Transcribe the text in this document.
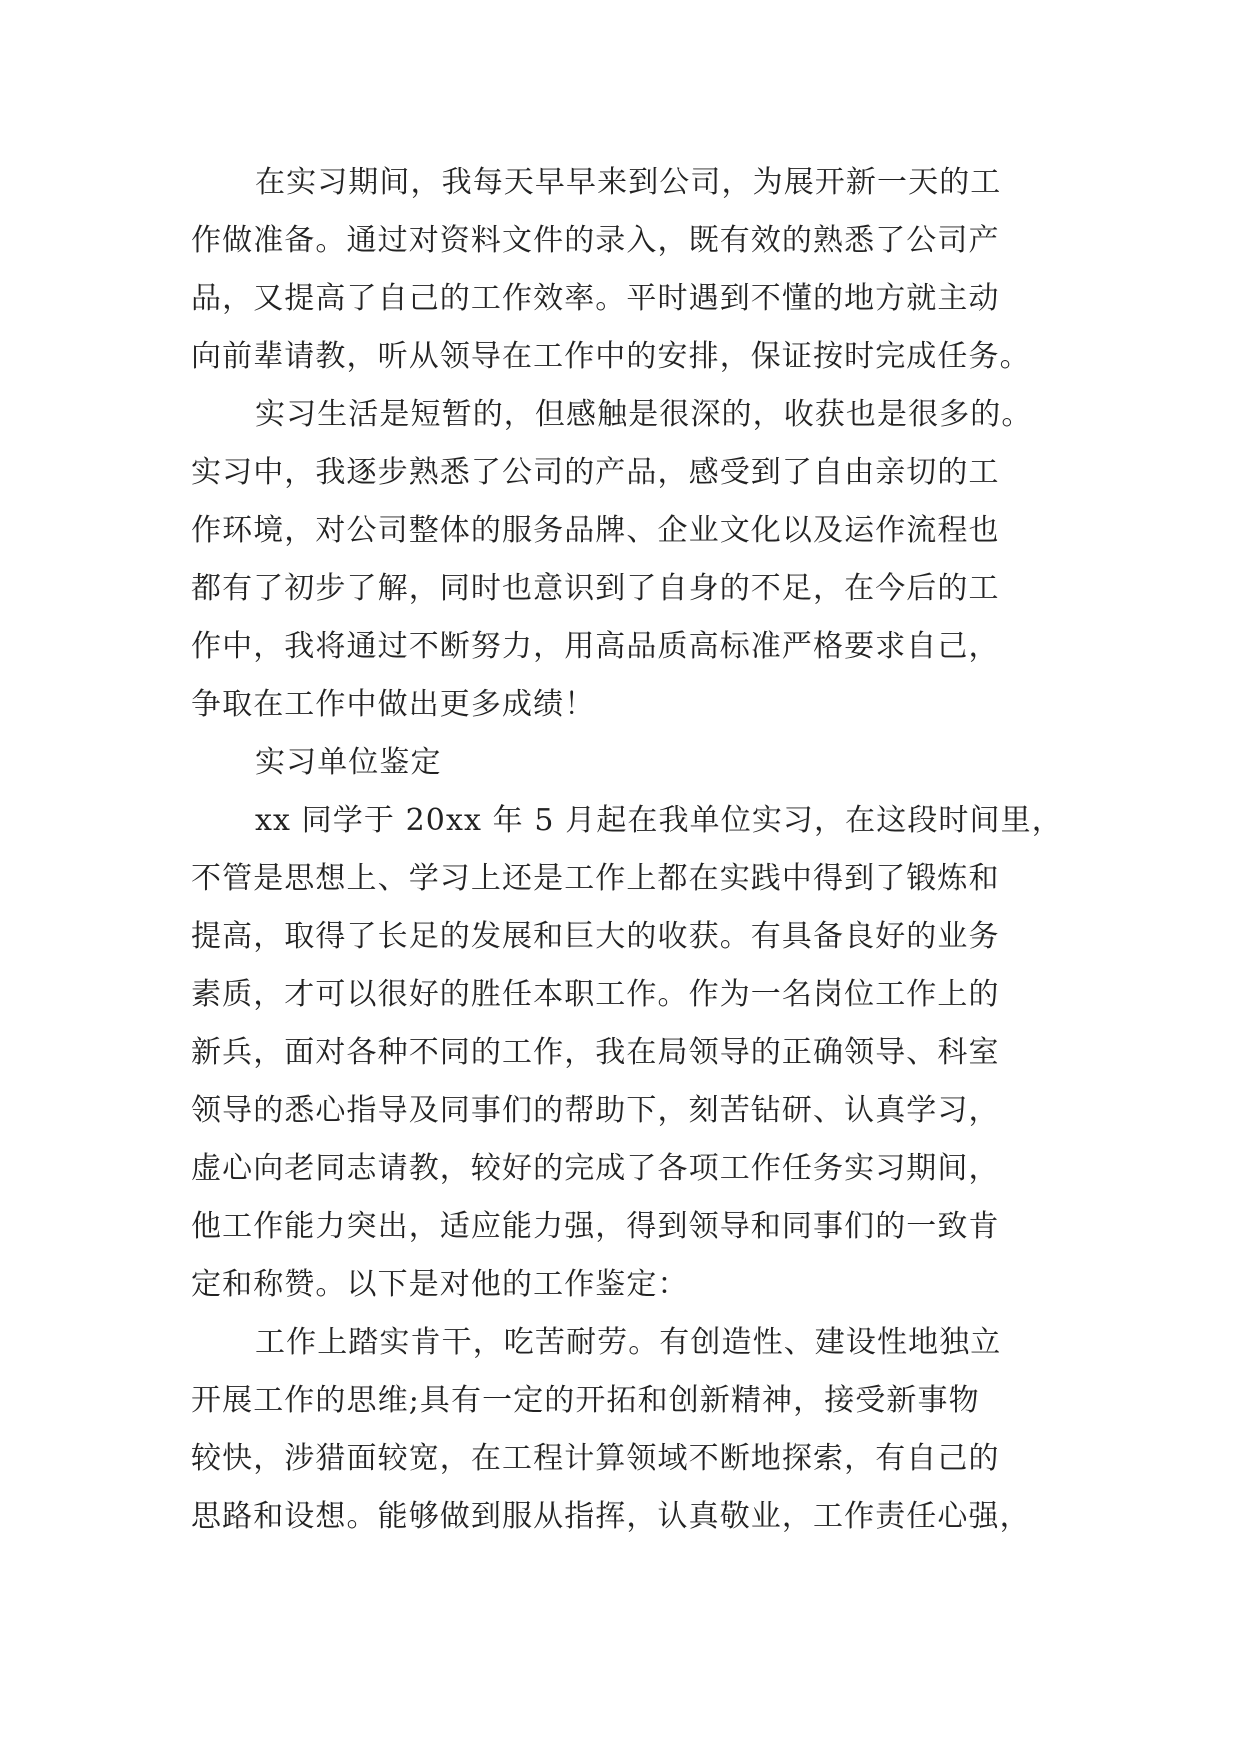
在实习期间，我每天早早来到公司，为展开新一天的工
作做准备。通过对资料文件的录入，既有效的熟悉了公司产
品，又提高了自己的工作效率。平时遇到不懂的地方就主动
向前辈请教，听从领导在工作中的安排，保证按时完成任务。
实习生活是短暂的，但感触是很深的，收获也是很多的。
实习中，我逐步熟悉了公司的产品，感受到了自由亲切的工
作环境，对公司整体的服务品牌、企业文化以及运作流程也
都有了初步了解，同时也意识到了自身的不足，在今后的工
作中，我将通过不断努力，用高品质高标准严格要求自己，
争取在工作中做出更多成绩！
实习单位鉴定
xx 同学于 20xx 年 5 月起在我单位实习，在这段时间里，
不管是思想上、学习上还是工作上都在实践中得到了锻炼和
提高，取得了长足的发展和巨大的收获。有具备良好的业务
素质，才可以很好的胜任本职工作。作为一名岗位工作上的
新兵，面对各种不同的工作，我在局领导的正确领导、科室
领导的悉心指导及同事们的帮助下，刻苦钻研、认真学习，
虚心向老同志请教，较好的完成了各项工作任务实习期间，
他工作能力突出，适应能力强，得到领导和同事们的一致肯
定和称赞。以下是对他的工作鉴定：
工作上踏实肯干，吃苦耐劳。有创造性、建设性地独立
开展工作的思维;具有一定的开拓和创新精神，接受新事物
较快，涉猎面较宽，在工程计算领域不断地探索，有自己的
思路和设想。能够做到服从指挥，认真敬业，工作责任心强，
